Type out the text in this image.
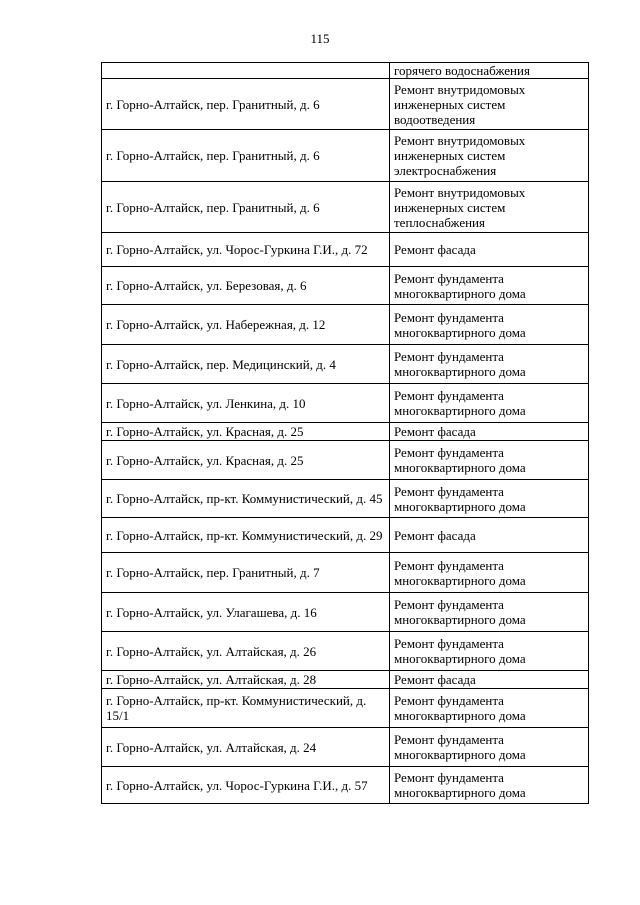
115
	горячего водоснабжения
г. Горно-Алтайск, пер. Гранитный, д. 6	Ремонт внутридомовых инженерных систем водоотведения
г. Горно-Алтайск, пер. Гранитный, д. 6	Ремонт внутридомовых инженерных систем электроснабжения
г. Горно-Алтайск, пер. Гранитный, д. 6	Ремонт внутридомовых инженерных систем теплоснабжения
г. Горно-Алтайск, ул. Чорос-Гуркина Г.И., д. 72	Ремонт фасада
г. Горно-Алтайск, ул. Березовая, д. 6	Ремонт фундамента многоквартирного дома
г. Горно-Алтайск, ул. Набережная, д. 12	Ремонт фундамента многоквартирного дома
г. Горно-Алтайск, пер. Медицинский, д. 4	Ремонт фундамента многоквартирного дома
г. Горно-Алтайск, ул. Ленкина, д. 10	Ремонт фундамента многоквартирного дома
г. Горно-Алтайск, ул. Красная, д. 25	Ремонт фасада
г. Горно-Алтайск, ул. Красная, д. 25	Ремонт фундамента многоквартирного дома
г. Горно-Алтайск, пр-кт. Коммунистический, д. 45	Ремонт фундамента многоквартирного дома
г. Горно-Алтайск, пр-кт. Коммунистический, д. 29	Ремонт фасада
г. Горно-Алтайск, пер. Гранитный, д. 7	Ремонт фундамента многоквартирного дома
г. Горно-Алтайск, ул. Улагашева, д. 16	Ремонт фундамента многоквартирного дома
г. Горно-Алтайск, ул. Алтайская, д. 26	Ремонт фундамента многоквартирного дома
г. Горно-Алтайск, ул. Алтайская, д. 28	Ремонт фасада
г. Горно-Алтайск, пр-кт. Коммунистический, д. 15/1	Ремонт фундамента многоквартирного дома
г. Горно-Алтайск, ул. Алтайская, д. 24	Ремонт фундамента многоквартирного дома
г. Горно-Алтайск, ул. Чорос-Гуркина Г.И., д. 57	Ремонт фундамента многоквартирного дома
